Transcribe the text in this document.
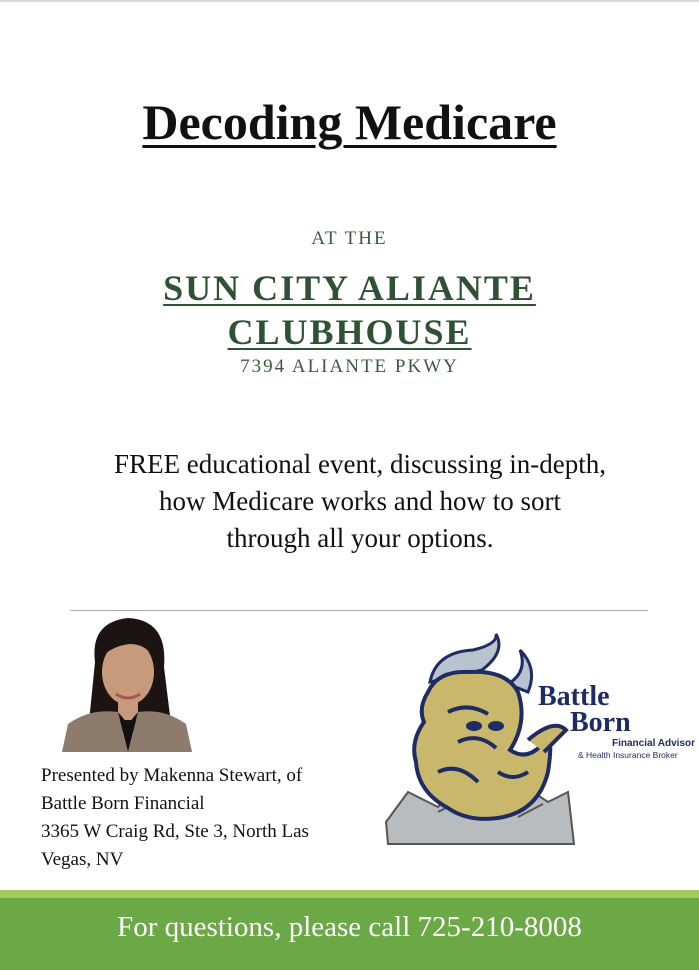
Decoding Medicare
AT THE
SUN CITY ALIANTE
CLUBHOUSE
7394 ALIANTE PKWY
FREE educational event, discussing in-depth,
how Medicare works and how to sort
through all your options.
Presented by Makenna Stewart, of
Battle Born Financial
3365 W Craig Rd, Ste 3, North Las
Vegas, NV
Battle
Born
Financial Advisor
& Health Insurance Broker
For questions, please call 725-210-8008
